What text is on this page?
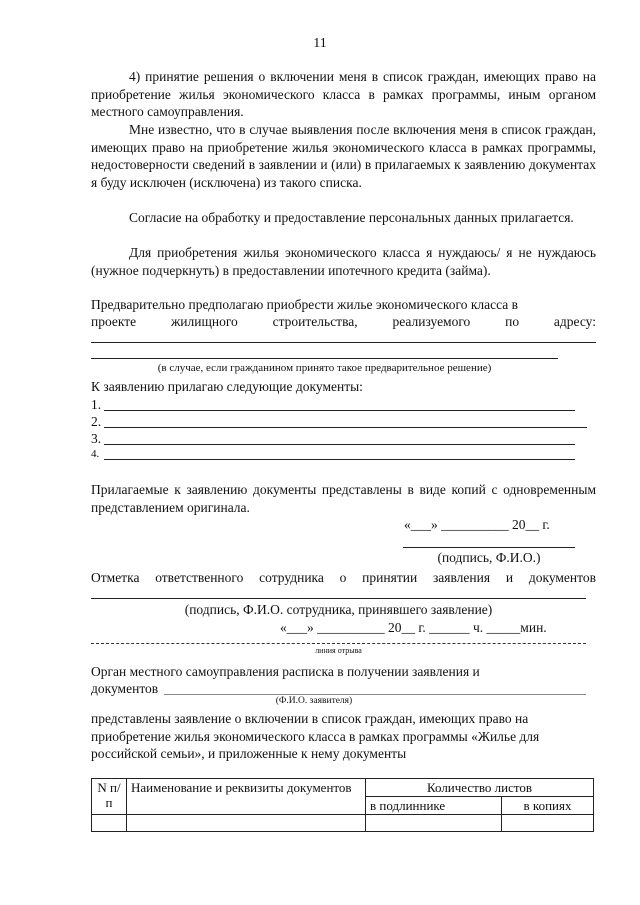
11
4) принятие решения о включении меня в список граждан, имеющих право на приобретение жилья экономического класса в рамках программы, иным органом местного самоуправления.
Мне известно, что в случае выявления после включения меня в список граждан, имеющих право на приобретение жилья экономического класса в рамках программы, недостоверности сведений в заявлении и (или) в прилагаемых к заявлению документах я буду исключен (исключена) из такого списка.
Согласие на обработку и предоставление персональных данных прилагается.
Для приобретения жилья экономического класса я нуждаюсь/ я не нуждаюсь (нужное подчеркнуть) в предоставлении ипотечного кредита (займа).
Предварительно предполагаю приобрести жилье экономического класса в
проекте	жилищного	строительства,	реализуемого	по	адресу:
(в случае, если гражданином принято такое предварительное решение)
К заявлению прилагаю следующие документы:
1.
2.
3.
4.
Прилагаемые к заявлению документы представлены в виде копий с одновременным представлением оригинала.
«___» __________ 20__ г.
(подпись, Ф.И.О.)
Отметка ответственного сотрудника о принятии заявления и документов
(подпись, Ф.И.О. сотрудника, принявшего заявление)
«___» __________ 20__ г. ______ ч. _____мин.
линия отрыва
Орган местного самоуправления расписка в получении заявления и
документов
(Ф.И.О. заявителя)
представлены заявление о включении в список граждан, имеющих право на приобретение жилья экономического класса в рамках программы «Жилье для российской семьи», и приложенные к нему документы
N п/п	Наименование и реквизиты документов	Количество листов	
		в подлиннике	в копиях
